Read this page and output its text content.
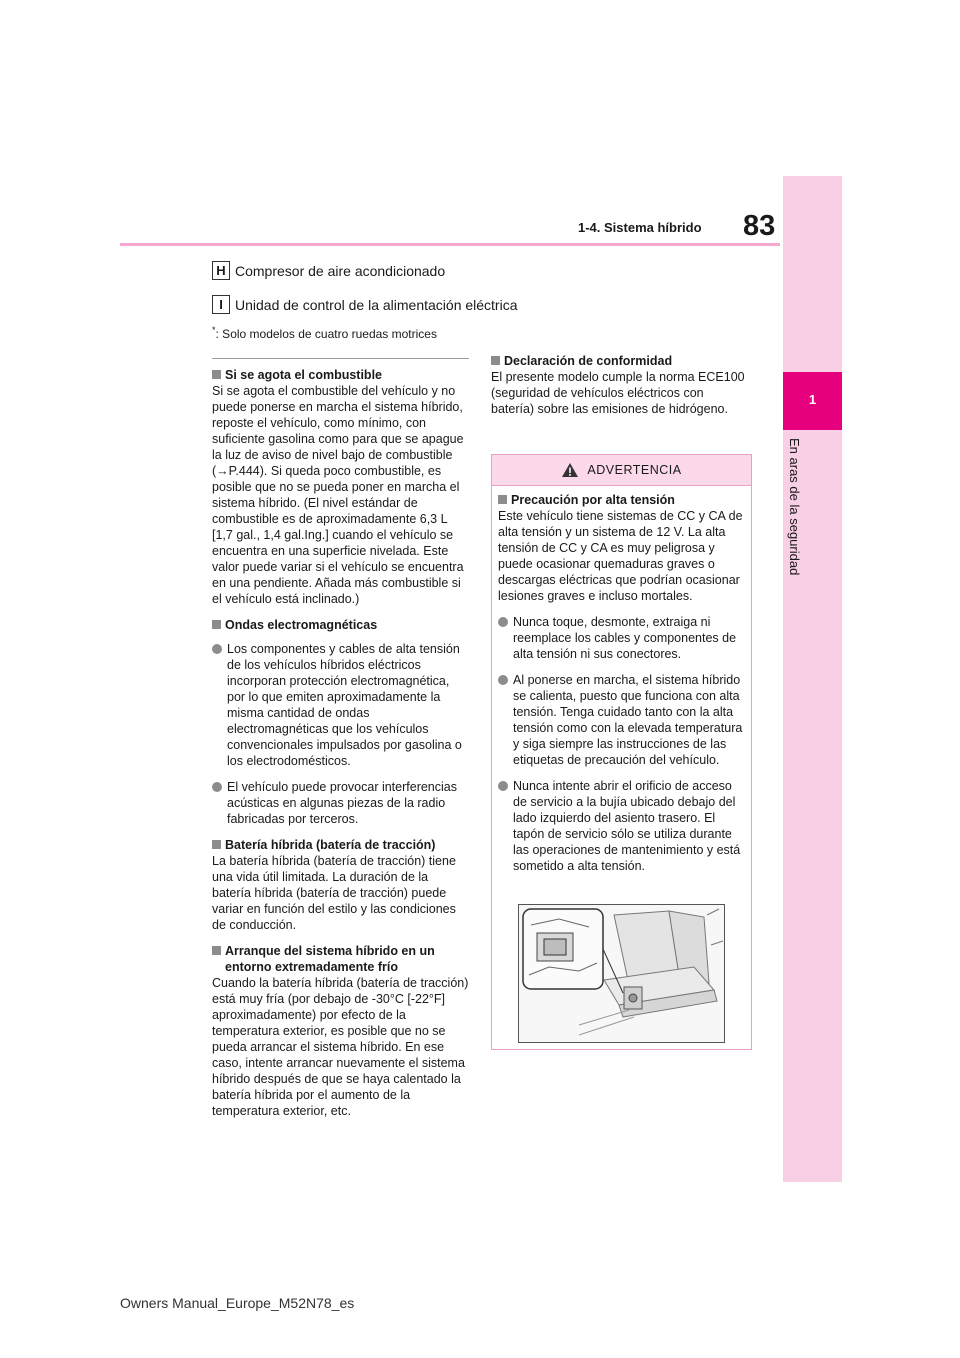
83
1-4. Sistema híbrido
1
En aras de la seguridad
H Compresor de aire acondicionado
I Unidad de control de la alimentación eléctrica
*: Solo modelos de cuatro ruedas motrices
Si se agota el combustible

Si se agota el combustible del vehículo y no puede ponerse en marcha el sistema híbrido, reposte el vehículo, como mínimo, con suficiente gasolina como para que se apague la luz de aviso de nivel bajo de combustible (→P.444). Si queda poco combustible, es posible que no se pueda poner en marcha el sistema híbrido. (El nivel estándar de combustible es de aproximadamente 6,3 L [1,7 gal., 1,4 gal.Ing.] cuando el vehículo se encuentra en una superficie nivelada. Este valor puede variar si el vehículo se encuentra en una pendiente. Añada más combustible si el vehículo está inclinado.)

Ondas electromagnéticas
Los componentes y cables de alta tensión de los vehículos híbridos eléctricos incorporan protección electromagnética, por lo que emiten aproximadamente la misma cantidad de ondas electromagnéticas que los vehículos convencionales impulsados por gasolina o los electrodomésticos.
El vehículo puede provocar interferencias acústicas en algunas piezas de la radio fabricadas por terceros.
Batería híbrida (batería de tracción)

La batería híbrida (batería de tracción) tiene una vida útil limitada. La duración de la batería híbrida (batería de tracción) puede variar en función del estilo y las condiciones de conducción.

Arranque del sistema híbrido en un entorno extremadamente frío

Cuando la batería híbrida (batería de tracción) está muy fría (por debajo de -30°C [-22°F] aproximadamente) por efecto de la temperatura exterior, es posible que no se pueda arrancar el sistema híbrido. En ese caso, intente arrancar nuevamente el sistema híbrido después de que se haya calentado la batería híbrida por el aumento de la temperatura exterior, etc.

Declaración de conformidad

El presente modelo cumple la norma ECE100 (seguridad de vehículos eléctricos con batería) sobre las emisiones de hidrógeno.

ADVERTENCIA
Precaución por alta tensión

Este vehículo tiene sistemas de CC y CA de alta tensión y un sistema de 12 V. La alta tensión de CC y CA es muy peligrosa y puede ocasionar quemaduras graves o descargas eléctricas que podrían ocasionar lesiones graves e incluso mortales.

Nunca toque, desmonte, extraiga ni reemplace los cables y componentes de alta tensión ni sus conectores.
Al ponerse en marcha, el sistema híbrido se calienta, puesto que funciona con alta tensión. Tenga cuidado tanto con la alta tensión como con la elevada temperatura y siga siempre las instrucciones de las etiquetas de precaución del vehículo.
Nunca intente abrir el orificio de acceso de servicio a la bujía ubicado debajo del lado izquierdo del asiento trasero. El tapón de servicio sólo se utiliza durante las operaciones de mantenimiento y está sometido a alta tensión.
Owners Manual_Europe_M52N78_es
